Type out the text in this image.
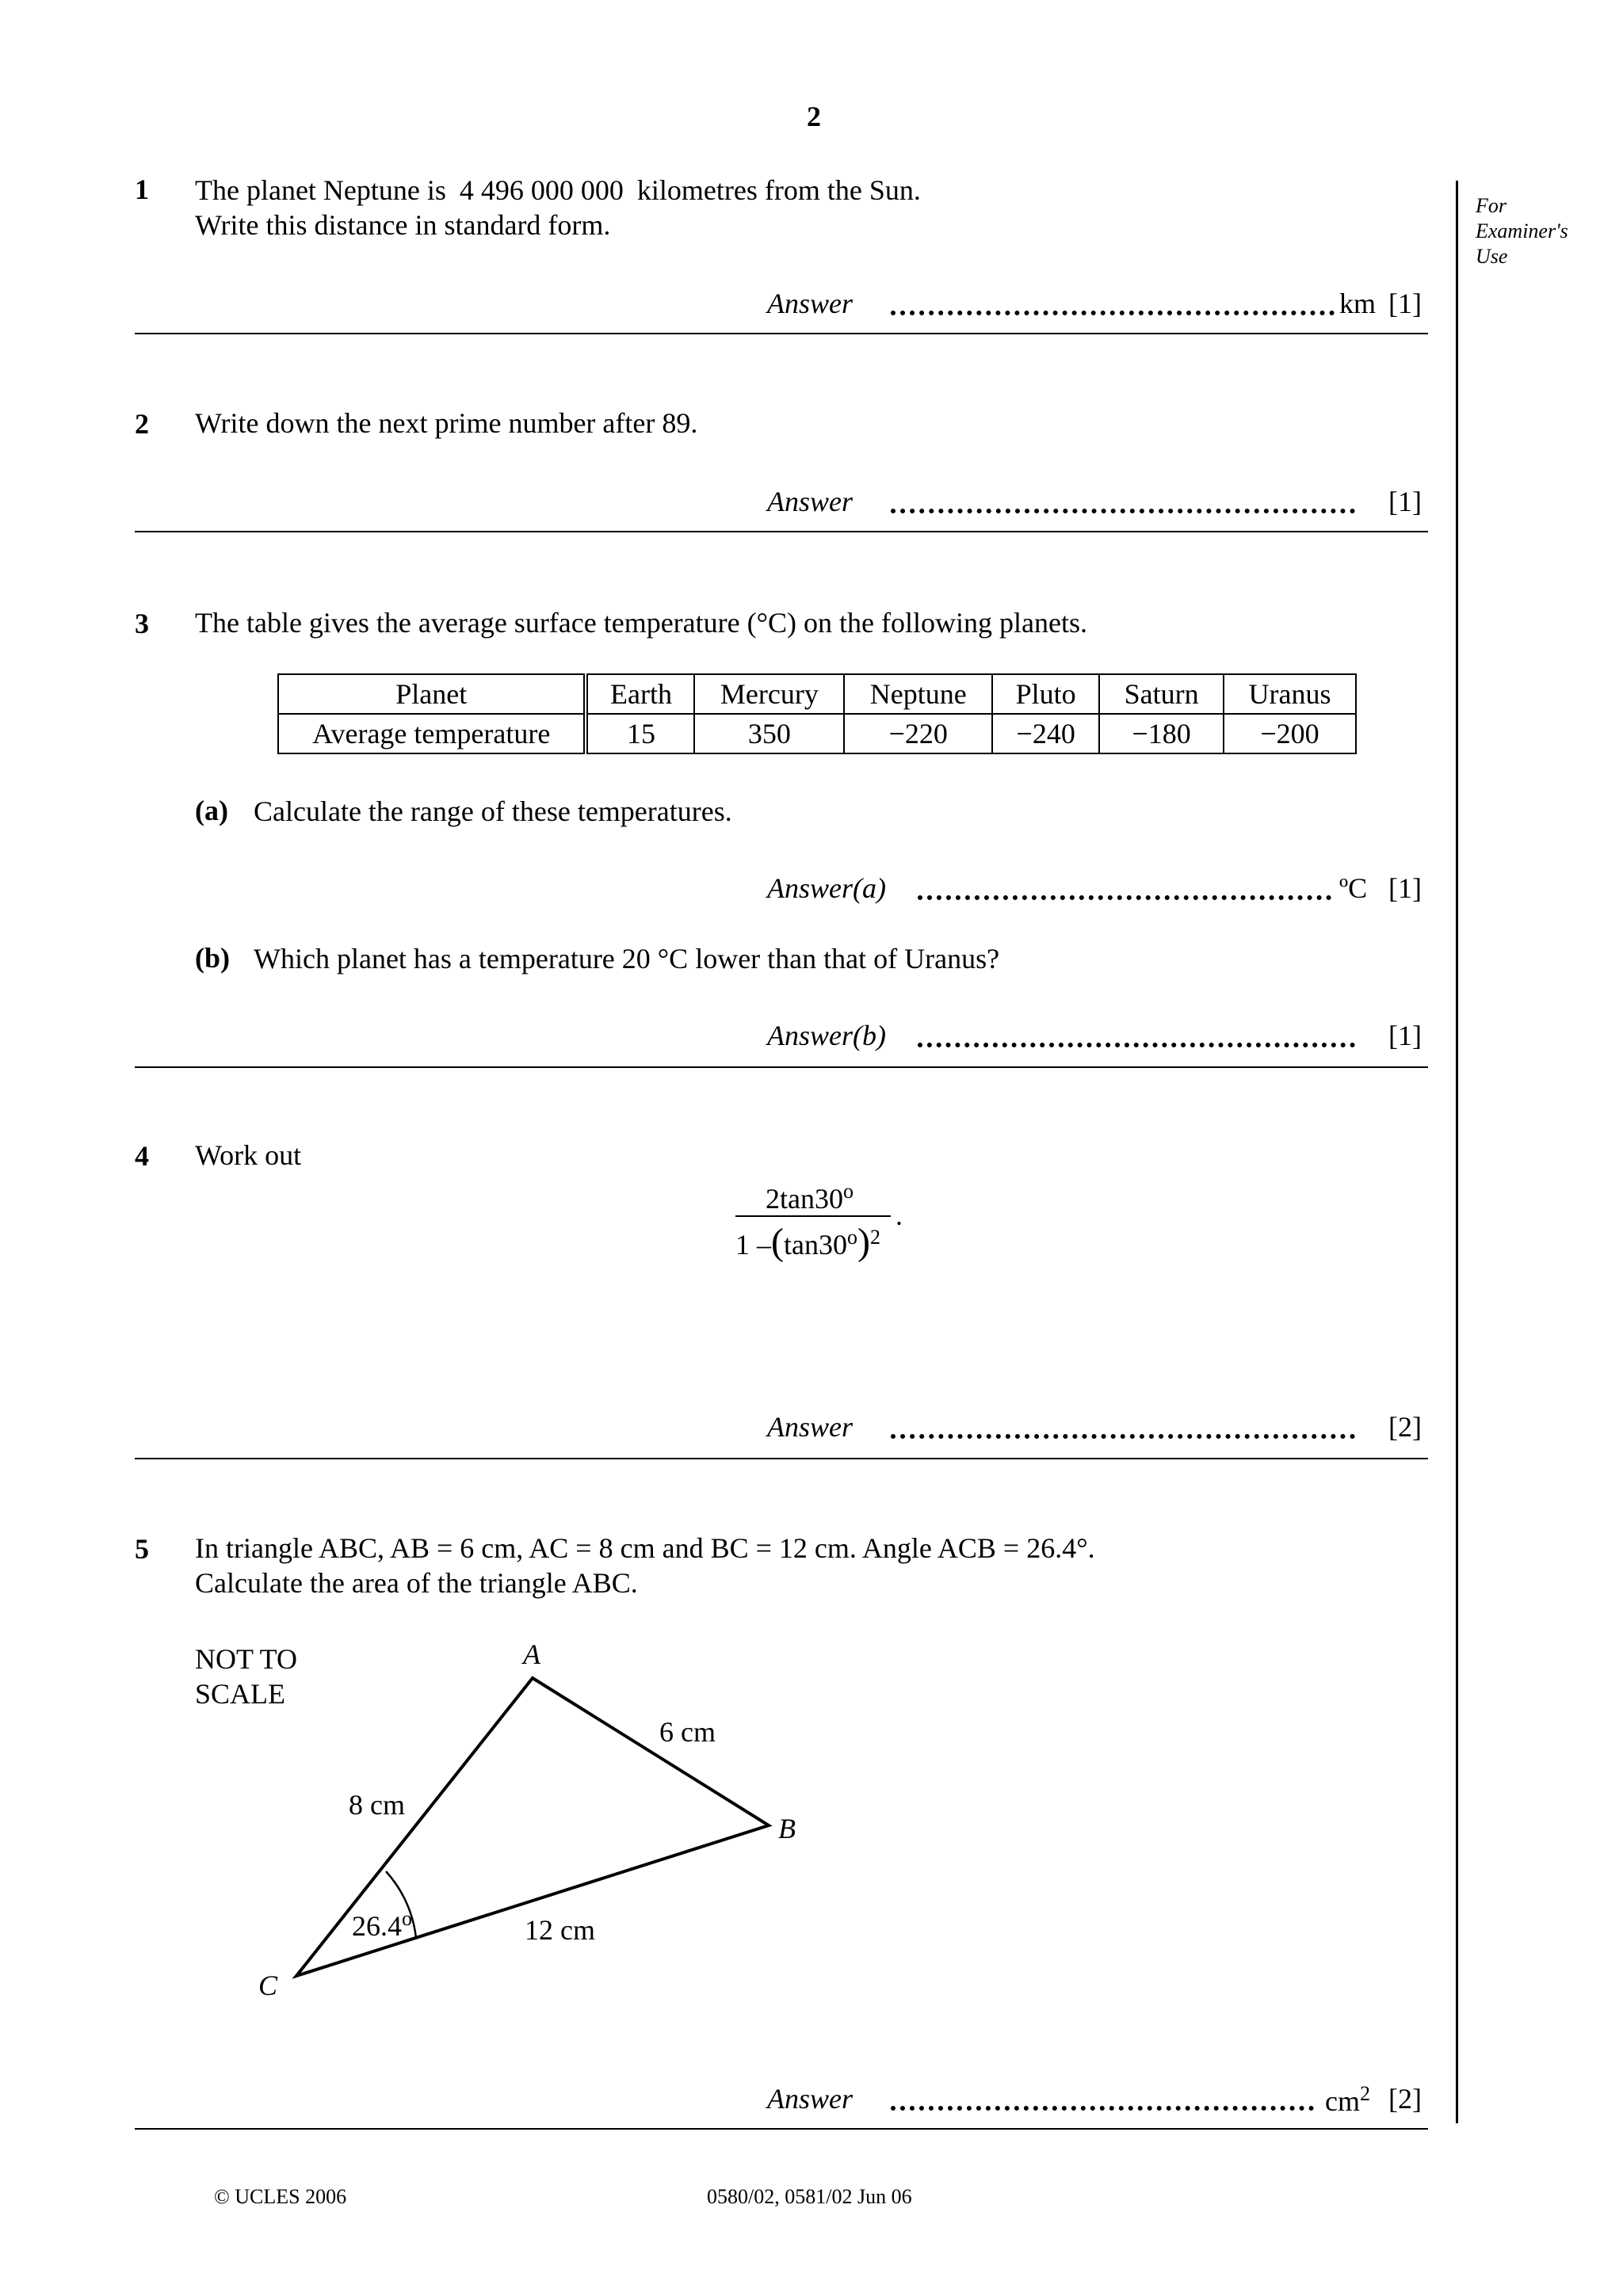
2
For Examiner's Use
1 The planet Neptune is 4 496 000 000 kilometres from the Sun.
Write this distance in standard form.
Answer	km [1]
2 Write down the next prime number after 89.
Answer	[1]
3 The table gives the average surface temperature (°C) on the following planets.
Planet	Earth	Mercury	Neptune	Pluto	Saturn	Uranus
Average temperature	15	350	−220	−240	−180	−200
(a) Calculate the range of these temperatures.
Answer(a)	ºC [1]
(b) Which planet has a temperature 20 °C lower than that of Uranus?
Answer(b)	[1]
4 Work out
2tan30$^o$
1 $-(\tan 30^o)^2$
.
Answer	[2]
5 In triangle ABC, AB = 6 cm, AC = 8 cm and BC = 12 cm. Angle ACB = 26.4°.
Calculate the area of the triangle ABC.
NOT TO
SCALE
A
B
C
6 cm
8 cm
12 cm
26.4$^o$
Answer	$cm^2$ [2]
© UCLES 2006	0580/02, 0581/02 Jun 06
